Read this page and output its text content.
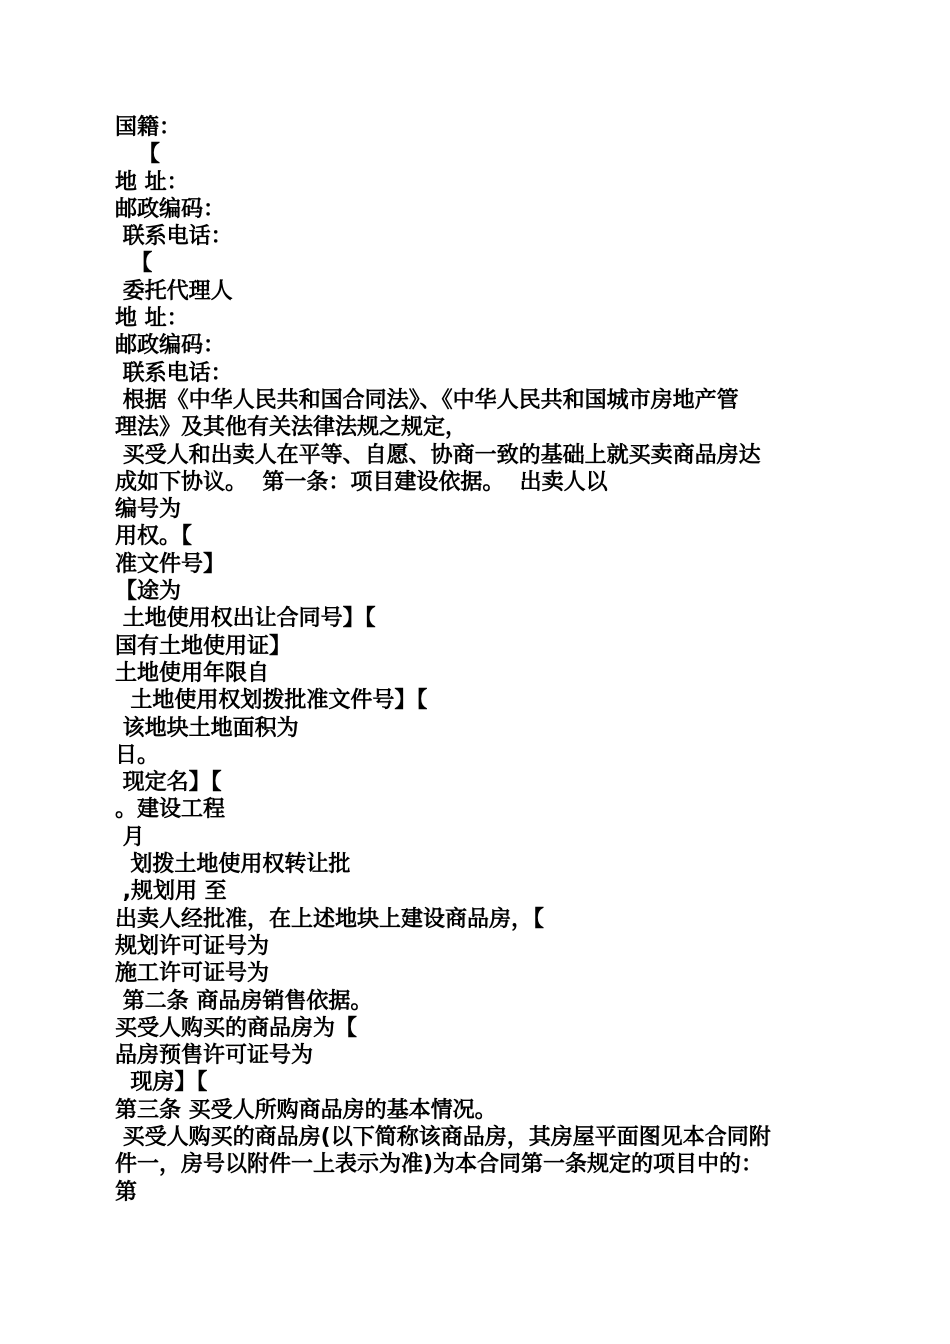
国籍：
【
地 址：
邮政编码：
联系电话：
【
委托代理人
地 址：
邮政编码：
联系电话：
根据《中华人民共和国合同法》、《中华人民共和国城市房地产管
理法》及其他有关法律法规之规定，
买受人和出卖人在平等、自愿、协商一致的基础上就买卖商品房达
成如下协议。  第一条：项目建设依据。  出卖人以
编号为
用权。【
准文件号】
【途为
土地使用权出让合同号】【
国有土地使用证】
土地使用年限自
土地使用权划拨批准文件号】【
该地块土地面积为
日。
现定名】【
。建设工程
月
划拨土地使用权转让批
,规划用 至
出卖人经批准，在上述地块上建设商品房，【
规划许可证号为
施工许可证号为
第二条 商品房销售依据。
买受人购买的商品房为【
品房预售许可证号为
现房】【
第三条 买受人所购商品房的基本情况。
买受人购买的商品房(以下简称该商品房，其房屋平面图见本合同附
件一，房号以附件一上表示为准)为本合同第一条规定的项目中的：
第
